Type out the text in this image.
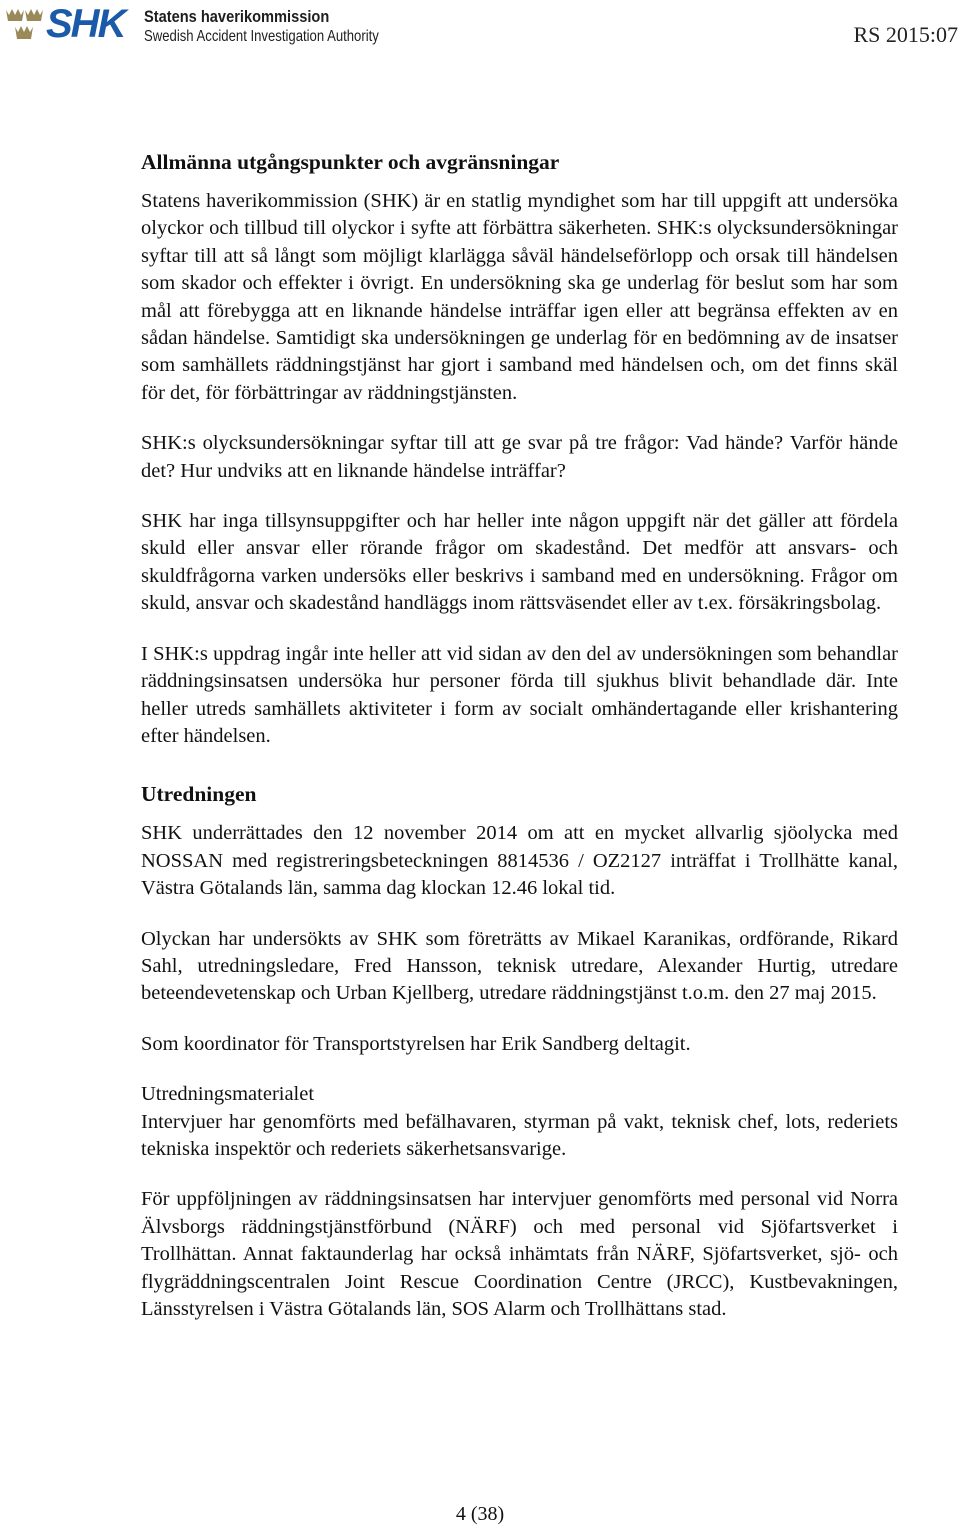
SHK Statens haverikommission
Swedish Accident Investigation Authority	RS 2015:07
Allmänna utgångspunkter och avgränsningar

Statens haverikommission (SHK) är en statlig myndighet som har till uppgift att undersöka olyckor och tillbud till olyckor i syfte att förbättra säkerheten. SHK:s olycksundersökningar syftar till att så långt som möjligt klarlägga såväl händelseförlopp och orsak till händelsen som skador och effekter i övrigt. En undersökning ska ge underlag för beslut som har som mål att förebygga att en liknande händelse inträffar igen eller att begränsa effekten av en sådan händelse. Samtidigt ska undersökningen ge underlag för en bedömning av de insatser som samhällets räddningstjänst har gjort i samband med händelsen och, om det finns skäl för det, för förbättringar av räddningstjänsten.

SHK:s olycksundersökningar syftar till att ge svar på tre frågor: Vad hände? Varför hände det? Hur undviks att en liknande händelse inträffar?

SHK har inga tillsynsuppgifter och har heller inte någon uppgift när det gäller att fördela skuld eller ansvar eller rörande frågor om skadestånd. Det medför att ansvars- och skuldfrågorna varken undersöks eller beskrivs i samband med en undersökning. Frågor om skuld, ansvar och skadestånd handläggs inom rättsväsendet eller av t.ex. försäkringsbolag.

I SHK:s uppdrag ingår inte heller att vid sidan av den del av undersökningen som behandlar räddningsinsatsen undersöka hur personer förda till sjukhus blivit behandlade där. Inte heller utreds samhällets aktiviteter i form av socialt omhändertagande eller krishantering efter händelsen.

Utredningen

SHK underrättades den 12 november 2014 om att en mycket allvarlig sjöolycka med NOSSAN med registreringsbeteckningen 8814536 / OZ2127 inträffat i Trollhätte kanal, Västra Götalands län, samma dag klockan 12.46 lokal tid.

Olyckan har undersökts av SHK som företrätts av Mikael Karanikas, ordförande, Rikard Sahl, utredningsledare, Fred Hansson, teknisk utredare, Alexander Hurtig, utredare beteendevetenskap och Urban Kjellberg, utredare räddningstjänst t.o.m. den 27 maj 2015.

Som koordinator för Transportstyrelsen har Erik Sandberg deltagit.

Utredningsmaterialet

Intervjuer har genomförts med befälhavaren, styrman på vakt, teknisk chef, lots, rederiets tekniska inspektör och rederiets säkerhetsansvarige.

För uppföljningen av räddningsinsatsen har intervjuer genomförts med personal vid Norra Älvsborgs räddningstjänstförbund (NÄRF) och med personal vid Sjöfartsverket i Trollhättan. Annat faktaunderlag har också inhämtats från NÄRF, Sjöfartsverket, sjö- och flygräddningscentralen Joint Rescue Coordination Centre (JRCC), Kustbevakningen, Länsstyrelsen i Västra Götalands län, SOS Alarm och Trollhättans stad.

4 (38)
